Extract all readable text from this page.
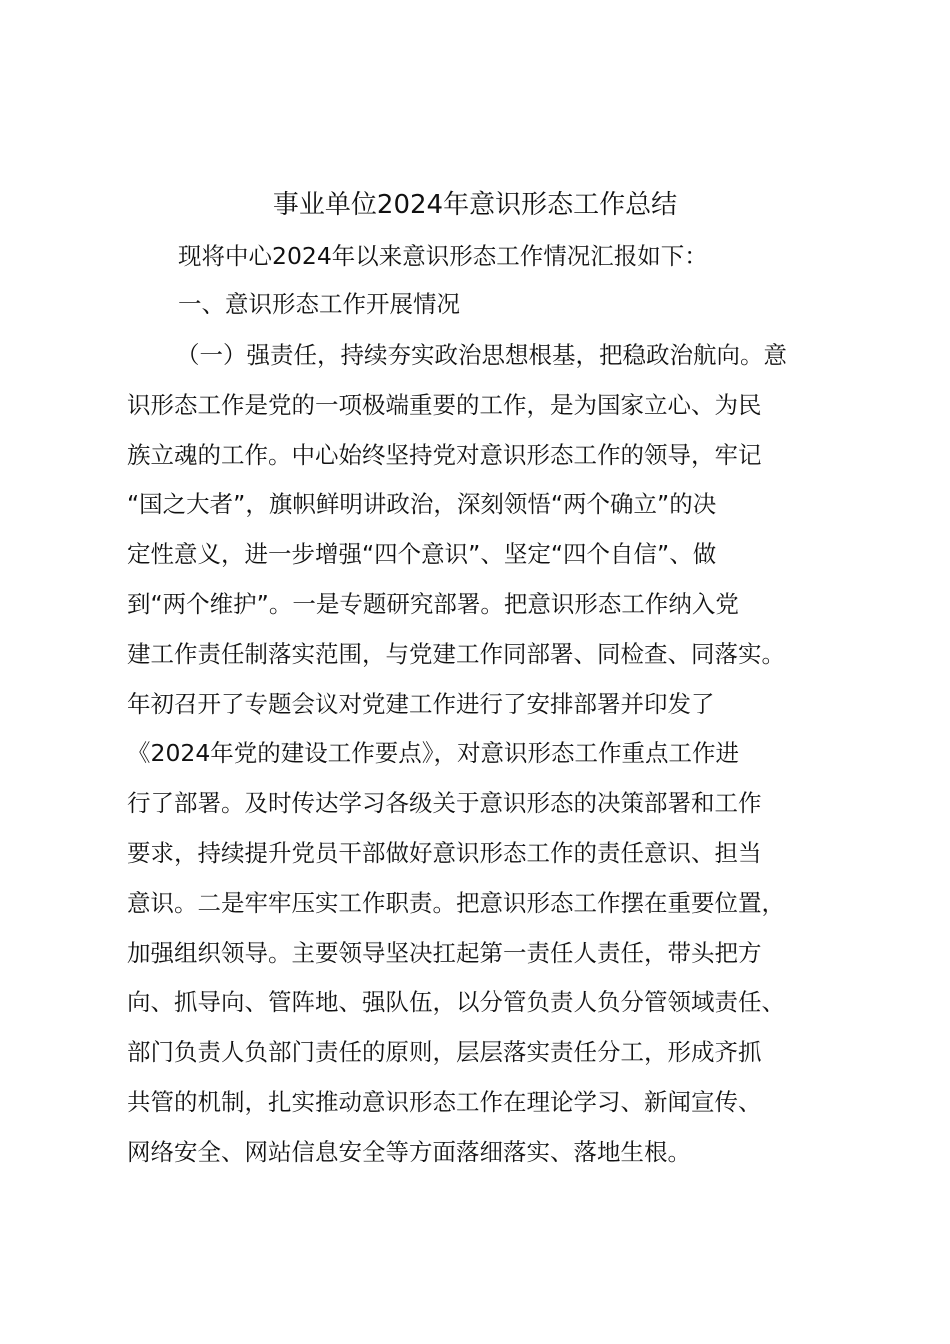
事业单位2024年意识形态工作总结
现将中心2024年以来意识形态工作情况汇报如下：
一、意识形态工作开展情况
（一）强责任，持续夯实政治思想根基，把稳政治航向。意
识形态工作是党的一项极端重要的工作，是为国家立心、为民
族立魂的工作。中心始终坚持党对意识形态工作的领导，牢记
“国之大者”，旗帜鲜明讲政治，深刻领悟“两个确立”的决
定性意义，进一步增强“四个意识”、坚定“四个自信”、做
到“两个维护”。一是专题研究部署。把意识形态工作纳入党
建工作责任制落实范围，与党建工作同部署、同检查、同落实。
年初召开了专题会议对党建工作进行了安排部署并印发了
《2024年党的建设工作要点》，对意识形态工作重点工作进
行了部署。及时传达学习各级关于意识形态的决策部署和工作
要求，持续提升党员干部做好意识形态工作的责任意识、担当
意识。二是牢牢压实工作职责。把意识形态工作摆在重要位置，
加强组织领导。主要领导坚决扛起第一责任人责任，带头把方
向、抓导向、管阵地、强队伍，以分管负责人负分管领域责任、
部门负责人负部门责任的原则，层层落实责任分工，形成齐抓
共管的机制，扎实推动意识形态工作在理论学习、新闻宣传、
网络安全、网站信息安全等方面落细落实、落地生根。
